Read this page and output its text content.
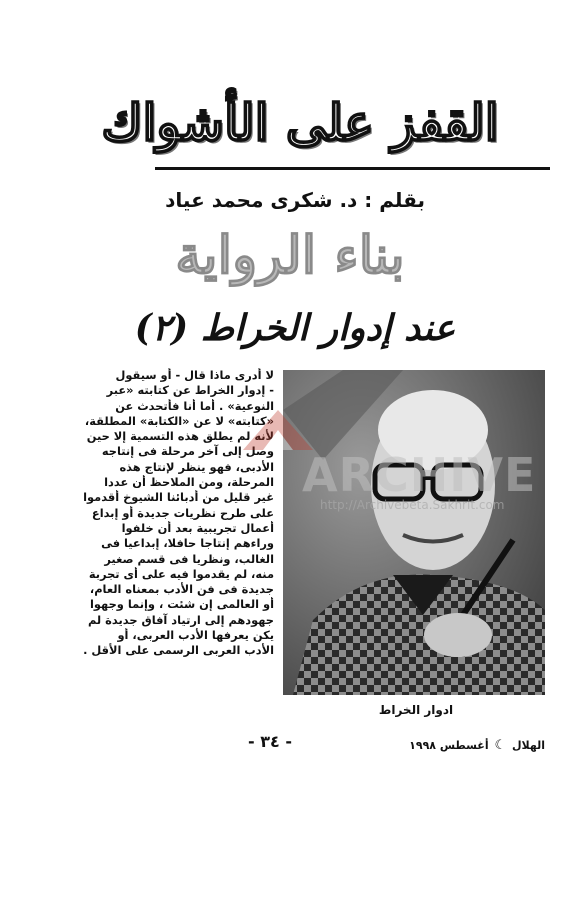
القفز على الأشواك
بقلم : د. شكرى محمد عياد
بناء الرواية
عند إدوار الخراط (٢)
ادوار الخراط
لا أدرى ماذا قال - أو سيقول
- إدوار الخراط عن كتابته «عبر
النوعية» . أما أنا فأتحدث عن
«كتابته» لا عن «الكتابة» المطلقة،
لأنه لم يطلق هذه التسمية إلا حين
وصل إلى آخر مرحلة فى إنتاجه
الأدبى، فهو ينظر لإنتاج هذه
المرحلة، ومن الملاحظ أن عددا
غير قليل من أدبائنا الشيوخ أقدموا
على طرح نظريات جديدة أو إبداع
أعمال تجريبية بعد أن خلفوا
وراءهم إنتاجا حافلا، إبداعيا فى
الغالب، ونظريا فى قسم صغير
منه، لم يقدموا فيه على أى تجربة
جديدة فى فن الأدب بمعناه العام،
أو العالمى إن شئت ، وإنما وجهوا
جهودهم إلى ارتياد آفاق جديدة لم
يكن يعرفها الأدب العربى، أو
الأدب العربى الرسمى على الأقل .
- ٣٤ -	الهلال ☾ أغسطس ١٩٩٨
ARCHIVE
http://Archivebeta.Sakhrit.com
